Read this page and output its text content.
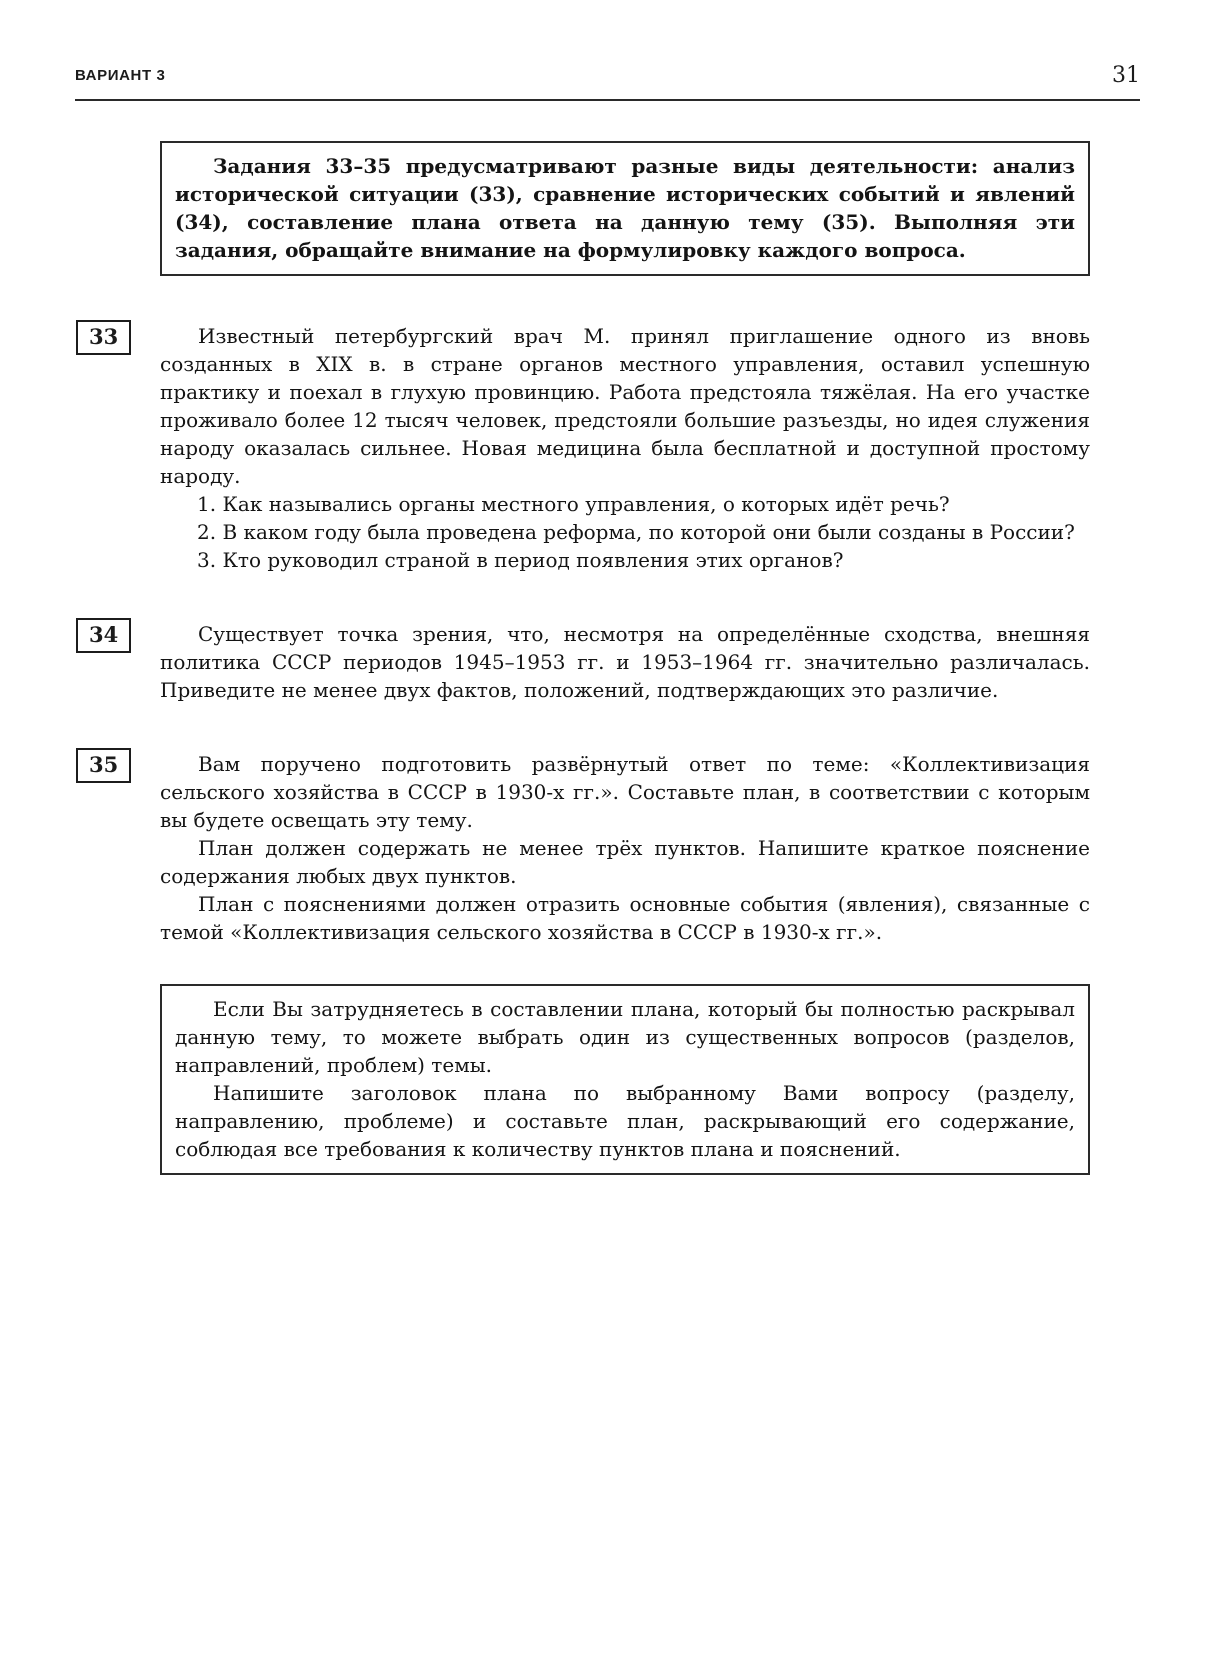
ВАРИАНТ 3	31

Задания 33–35 предусматривают разные виды деятельности: анализ исторической ситуации (33), сравнение исторических событий и явлений (34), составление плана ответа на данную тему (35). Выполняя эти задания, обращайте внимание на формулировку каждого вопроса.

33	Известный петербургский врач М. принял приглашение одного из вновь созданных в XIX в. в стране органов местного управления, оставил успешную практику и поехал в глухую провинцию. Работа предстояла тяжёлая. На его участке проживало более 12 тысяч человек, предстояли большие разъезды, но идея служения народу оказалась сильнее. Новая медицина была бесплатной и доступной простому народу.

1. Как назывались органы местного управления, о которых идёт речь?

2. В каком году была проведена реформа, по которой они были созданы в России?

3. Кто руководил страной в период появления этих органов?

34	Существует точка зрения, что, несмотря на определённые сходства, внешняя политика СССР периодов 1945–1953 гг. и 1953–1964 гг. значительно различалась. Приведите не менее двух фактов, положений, подтверждающих это различие.

35	Вам поручено подготовить развёрнутый ответ по теме: «Коллективизация сельского хозяйства в СССР в 1930-х гг.». Составьте план, в соответствии с которым вы будете освещать эту тему.

План должен содержать не менее трёх пунктов. Напишите краткое пояснение содержания любых двух пунктов.

План с пояснениями должен отразить основные события (явления), связанные с темой «Коллективизация сельского хозяйства в СССР в 1930-х гг.».

Если Вы затрудняетесь в составлении плана, который бы полностью раскрывал данную тему, то можете выбрать один из существенных вопросов (разделов, направлений, проблем) темы.

Напишите заголовок плана по выбранному Вами вопросу (разделу, направлению, проблеме) и составьте план, раскрывающий его содержание, соблюдая все требования к количеству пунктов плана и пояснений.
